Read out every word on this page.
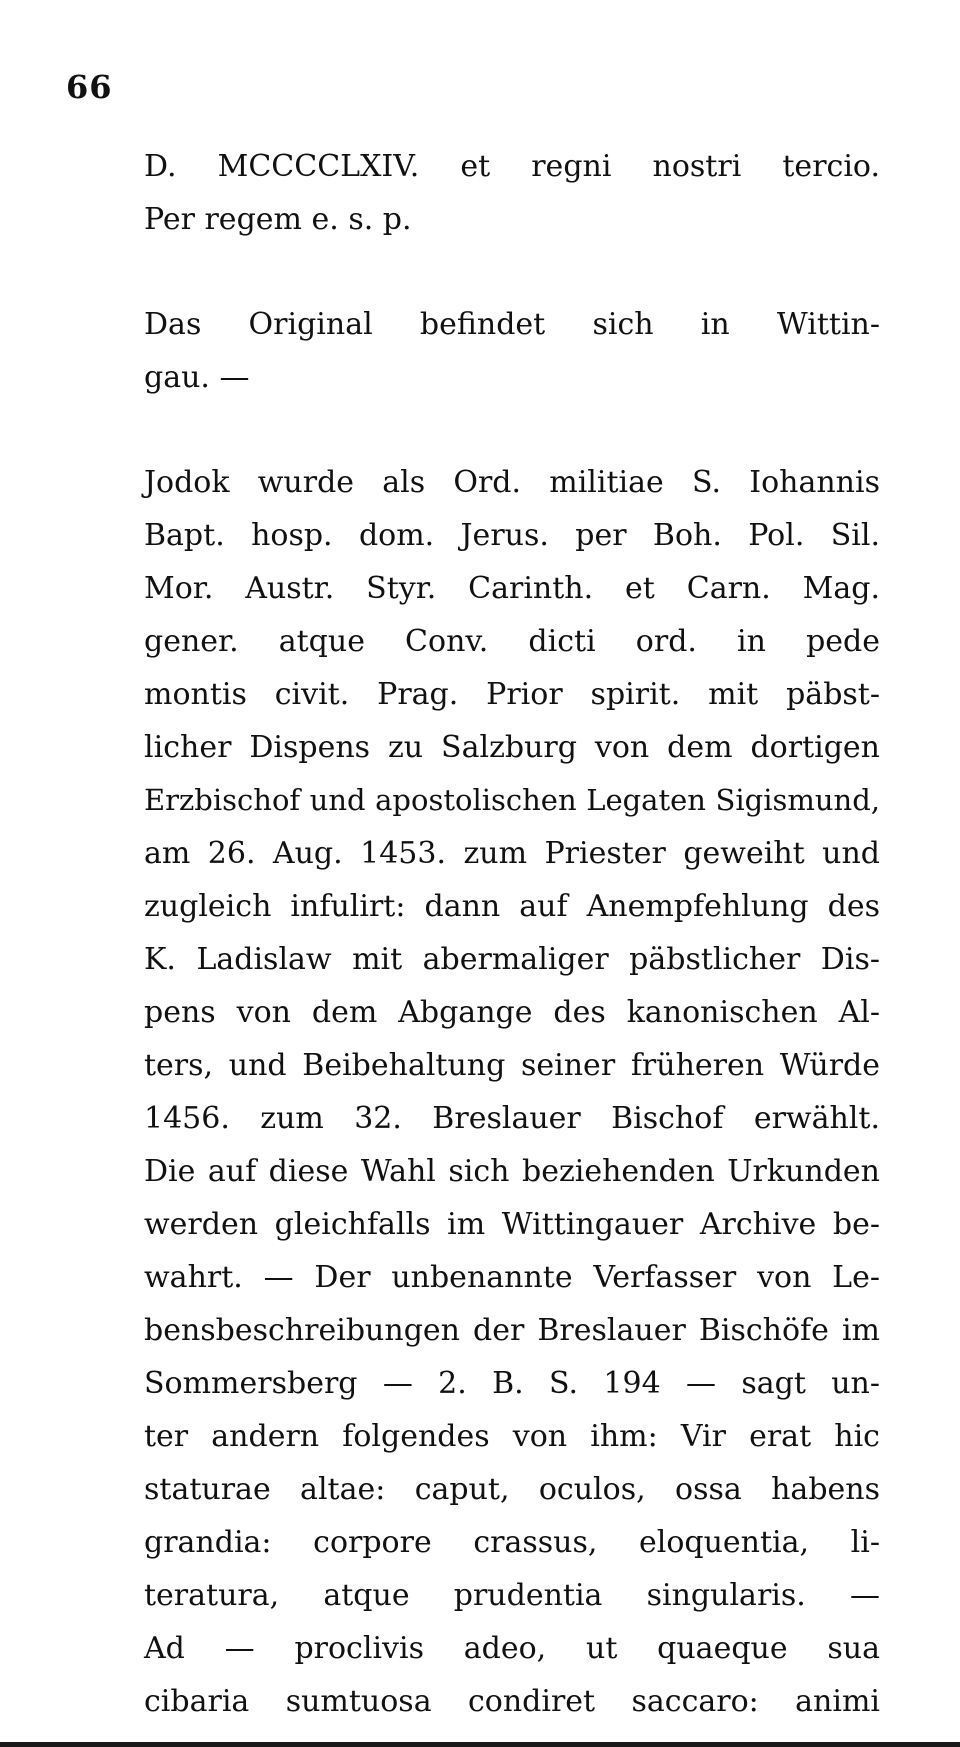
66
D. MCCCCLXIV. et regni nostri tercio.
Per regem e. s. p.
Das Original befindet sich in Wittin-
gau. —
Jodok wurde als Ord. militiae S. Iohannis
Bapt. hosp. dom. Jerus. per Boh. Pol. Sil.
Mor. Austr. Styr. Carinth. et Carn. Mag.
gener. atque Conv. dicti ord. in pede
montis civit. Prag. Prior spirit. mit päbst-
licher Dispens zu Salzburg von dem dortigen
Erzbischof und apostolischen Legaten Sigismund,
am 26. Aug. 1453. zum Priester geweiht und
zugleich infulirt: dann auf Anempfehlung des
K. Ladislaw mit abermaliger päbstlicher Dis-
pens von dem Abgange des kanonischen Al-
ters, und Beibehaltung seiner früheren Würde
1456. zum 32. Breslauer Bischof erwählt.
Die auf diese Wahl sich beziehenden Urkunden
werden gleichfalls im Wittingauer Archive be-
wahrt. — Der unbenannte Verfasser von Le-
bensbeschreibungen der Breslauer Bischöfe im
Sommersberg — 2. B. S. 194 — sagt un-
ter andern folgendes von ihm: Vir erat hic
staturae altae: caput, oculos, ossa habens
grandia: corpore crassus, eloquentia, li-
teratura, atque prudentia singularis. —
Ad — proclivis adeo, ut quaeque sua
cibaria sumtuosa condiret saccaro: animi
